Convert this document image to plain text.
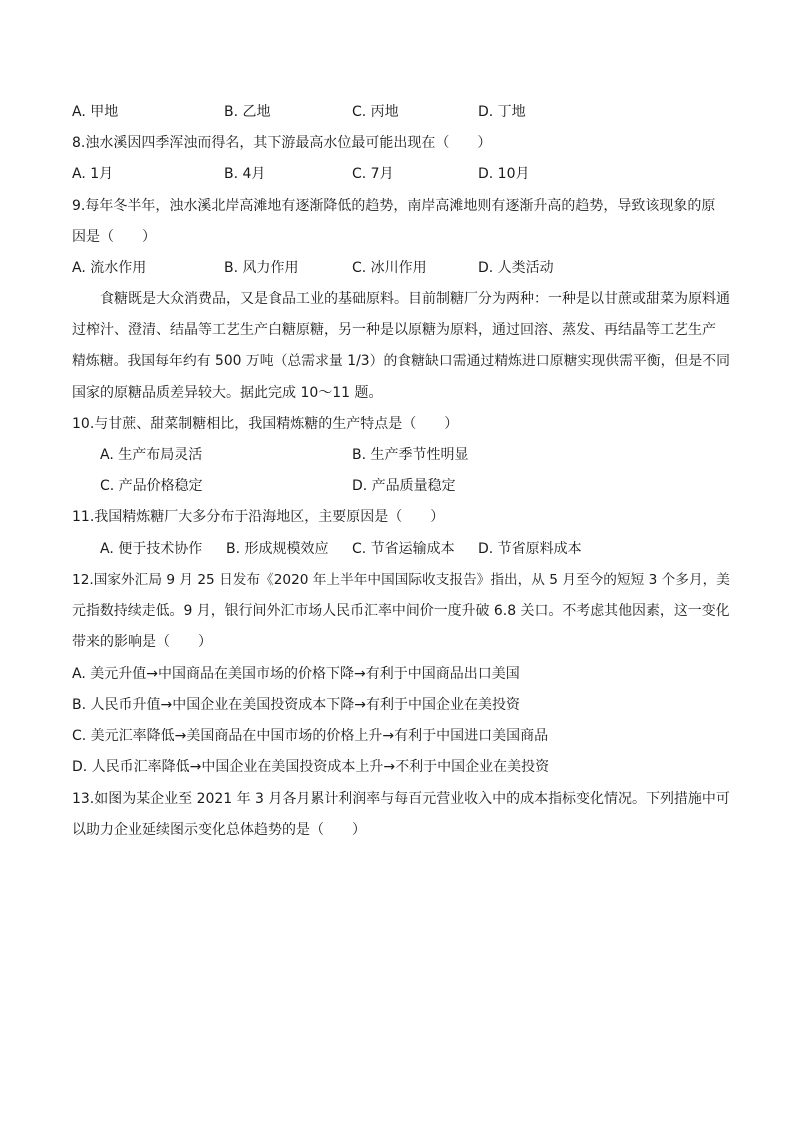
A. 甲地	B. 乙地	C. 丙地	D. 丁地
8.浊水溪因四季浑浊而得名，其下游最高水位最可能出现在（　　）
A. 1月	B. 4月	C. 7月	D. 10月
9.每年冬半年，浊水溪北岸高滩地有逐渐降低的趋势，南岸高滩地则有逐渐升高的趋势，导致该现象的原
因是（　　）
A. 流水作用	B. 风力作用	C. 冰川作用	D. 人类活动
食糖既是大众消费品，又是食品工业的基础原料。目前制糖厂分为两种：一种是以甘蔗或甜菜为原料通
过榨汁、澄清、结晶等工艺生产白糖原糖，另一种是以原糖为原料，通过回溶、蒸发、再结晶等工艺生产
精炼糖。我国每年约有 500 万吨（总需求量 1/3）的食糖缺口需通过精炼进口原糖实现供需平衡，但是不同
国家的原糖品质差异较大。据此完成 10～11 题。
10.与甘蔗、甜菜制糖相比，我国精炼糖的生产特点是（　　）
A. 生产布局灵活	B. 生产季节性明显
C. 产品价格稳定	D. 产品质量稳定
11.我国精炼糖厂大多分布于沿海地区，主要原因是（　　）
A. 便于技术协作 B. 形成规模效应 C. 节省运输成本 D. 节省原料成本
12.国家外汇局 9 月 25 日发布《2020 年上半年中国国际收支报告》指出，从 5 月至今的短短 3 个多月，美
元指数持续走低。9 月，银行间外汇市场人民币汇率中间价一度升破 6.8 关口。不考虑其他因素，这一变化
带来的影响是（　　）
A. 美元升值→中国商品在美国市场的价格下降→有利于中国商品出口美国
B. 人民币升值→中国企业在美国投资成本下降→有利于中国企业在美投资
C. 美元汇率降低→美国商品在中国市场的价格上升→有利于中国进口美国商品
D. 人民币汇率降低→中国企业在美国投资成本上升→不利于中国企业在美投资
13.如图为某企业至 2021 年 3 月各月累计利润率与每百元营业收入中的成本指标变化情况。下列措施中可
以助力企业延续图示变化总体趋势的是（　　）
